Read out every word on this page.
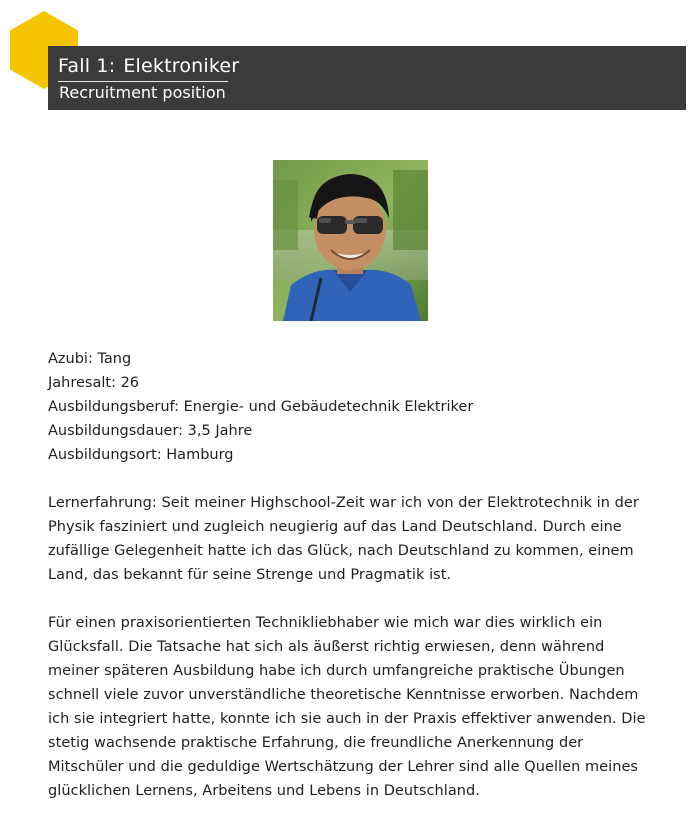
Fall 1: Elektroniker
Recruitment position
Azubi: Tang
Jahresalt: 26
Ausbildungsberuf: Energie- und Gebäudetechnik Elektriker
Ausbildungsdauer: 3,5 Jahre
Ausbildungsort: Hamburg

Lernerfahrung: Seit meiner Highschool-Zeit war ich von der Elektrotechnik in der Physik fasziniert und zugleich neugierig auf das Land Deutschland. Durch eine zufällige Gelegenheit hatte ich das Glück, nach Deutschland zu kommen, einem Land, das bekannt für seine Strenge und Pragmatik ist.

Für einen praxisorientierten Technikliebhaber wie mich war dies wirklich ein Glücksfall. Die Tatsache hat sich als äußerst richtig erwiesen, denn während meiner späteren Ausbildung habe ich durch umfangreiche praktische Übungen schnell viele zuvor unverständliche theoretische Kenntnisse erworben. Nachdem ich sie integriert hatte, konnte ich sie auch in der Praxis effektiver anwenden. Die stetig wachsende praktische Erfahrung, die freundliche Anerkennung der Mitschüler und die geduldige Wertschätzung der Lehrer sind alle Quellen meines glücklichen Lernens, Arbeitens und Lebens in Deutschland.
